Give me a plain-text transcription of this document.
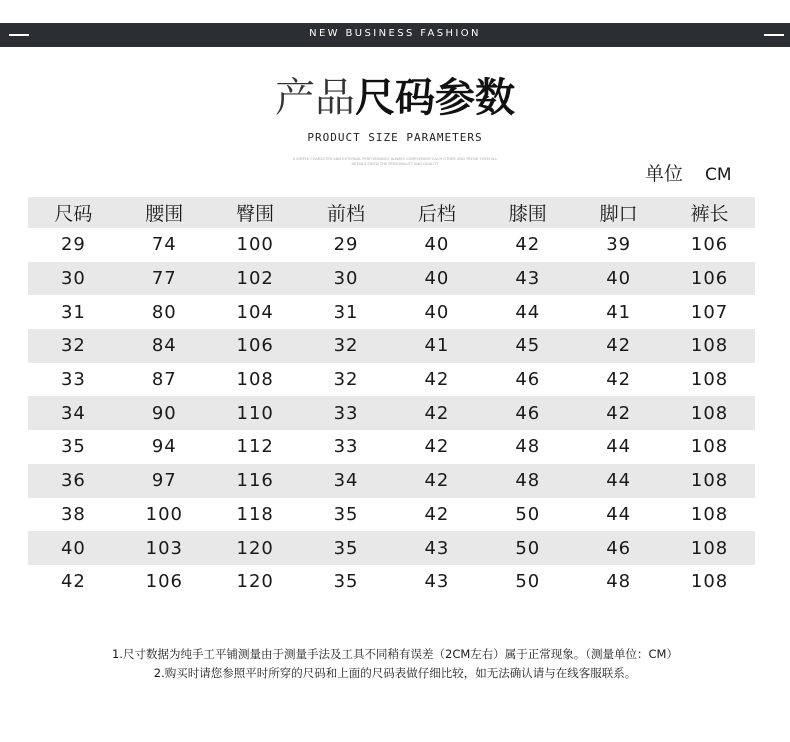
NEW BUSINESS FASHION
产品尺码参数
PRODUCT SIZE PARAMETERS
A SIMPLE CHARACTER AND EXTERNAL PERFORMANCE ALWAYS COMPLEMENT EACH OTHER AND TREND THEM ALL
DETAILS SHOW THE PERSONALITY AND QUALITY	单位 CM
尺码	腰围	臀围	前档	后档	膝围	脚口	裤长
29	74	100	29	40	42	39	106
30	77	102	30	40	43	40	106
31	80	104	31	40	44	41	107
32	84	106	32	41	45	42	108
33	87	108	32	42	46	42	108
34	90	110	33	42	46	42	108
35	94	112	33	42	48	44	108
36	97	116	34	42	48	44	108
38	100	118	35	42	50	44	108
40	103	120	35	43	50	46	108
42	106	120	35	43	50	48	108
1.尺寸数据为纯手工平铺测量由于测量手法及工具不同稍有误差（2CM左右）属于正常现象。（测量单位：CM）
2.购买时请您参照平时所穿的尺码和上面的尺码表做仔细比较，如无法确认请与在线客服联系。
